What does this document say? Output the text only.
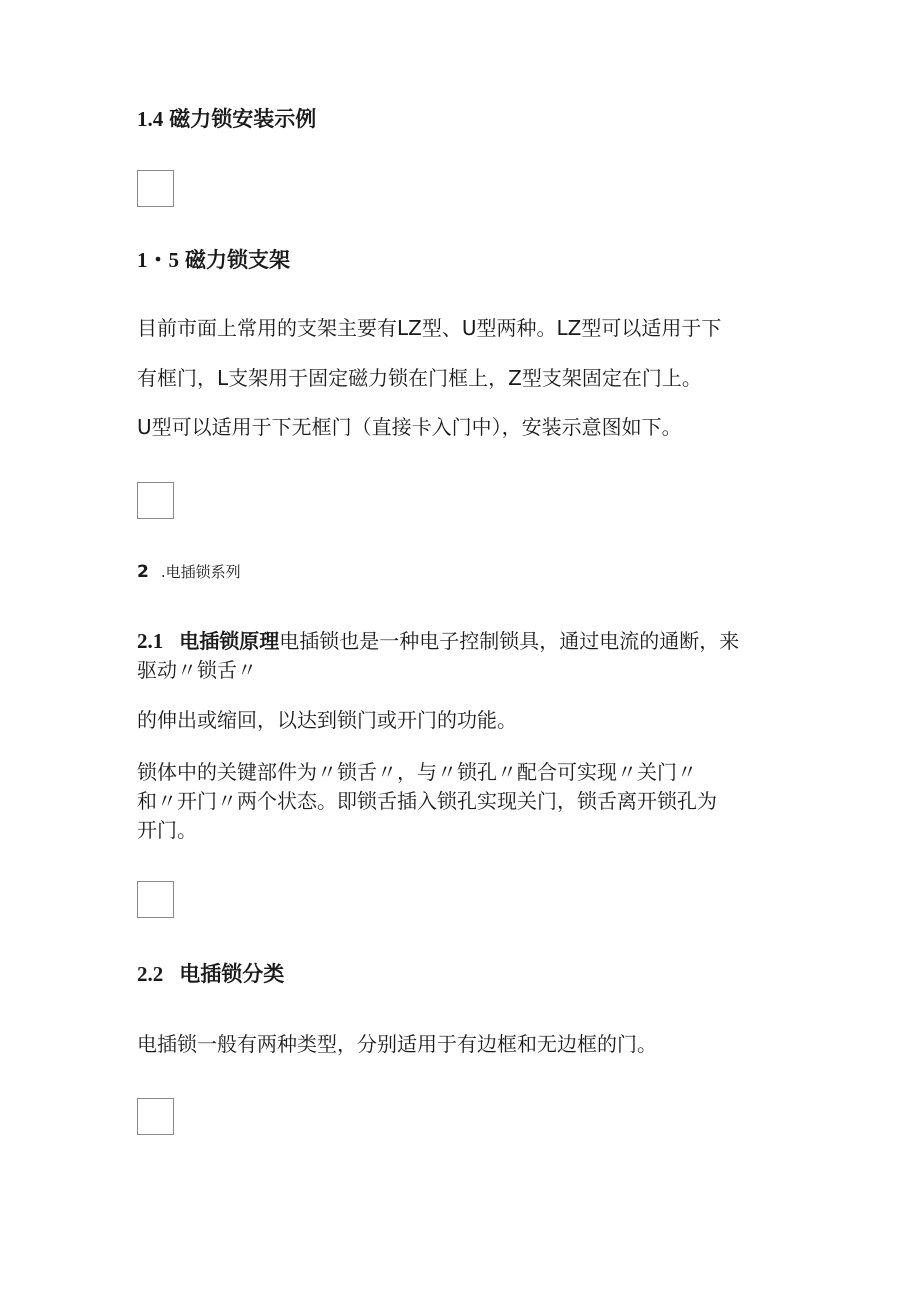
1.4 磁力锁安装示例
1・5 磁力锁支架
目前市面上常用的支架主要有LZ型、U型两种。LZ型可以适用于下
有框门，L支架用于固定磁力锁在门框上，Z型支架固定在门上。
U型可以适用于下无框门（直接卡入门中），安装示意图如下。
2 .电插锁系列
2.1 电插锁原理电插锁也是一种电子控制锁具，通过电流的通断，来
驱动〃锁舌〃
的伸出或缩回，以达到锁门或开门的功能。
锁体中的关键部件为〃锁舌〃，与〃锁孔〃配合可实现〃关门〃
和〃开门〃两个状态。即锁舌插入锁孔实现关门，锁舌离开锁孔为
开门。
2.2 电插锁分类
电插锁一般有两种类型，分别适用于有边框和无边框的门。
